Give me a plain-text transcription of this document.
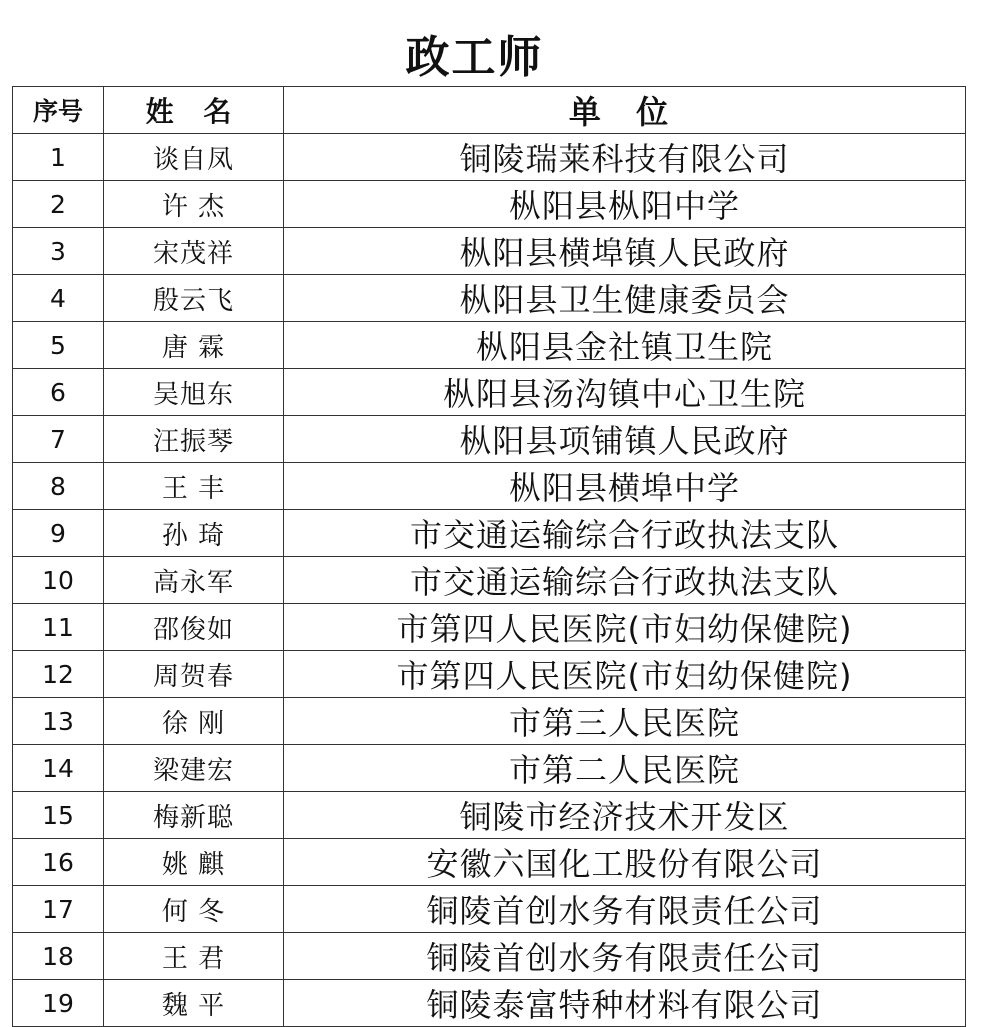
政工师
序号	姓 名	单 位
1	谈自凤	铜陵瑞莱科技有限公司
2	许 杰	枞阳县枞阳中学
3	宋茂祥	枞阳县横埠镇人民政府
4	殷云飞	枞阳县卫生健康委员会
5	唐 霖	枞阳县金社镇卫生院
6	吴旭东	枞阳县汤沟镇中心卫生院
7	汪振琴	枞阳县项铺镇人民政府
8	王 丰	枞阳县横埠中学
9	孙 琦	市交通运输综合行政执法支队
10	高永军	市交通运输综合行政执法支队
11	邵俊如	市第四人民医院(市妇幼保健院)
12	周贺春	市第四人民医院(市妇幼保健院)
13	徐 刚	市第三人民医院
14	梁建宏	市第二人民医院
15	梅新聪	铜陵市经济技术开发区
16	姚 麒	安徽六国化工股份有限公司
17	何 冬	铜陵首创水务有限责任公司
18	王 君	铜陵首创水务有限责任公司
19	魏 平	铜陵泰富特种材料有限公司
